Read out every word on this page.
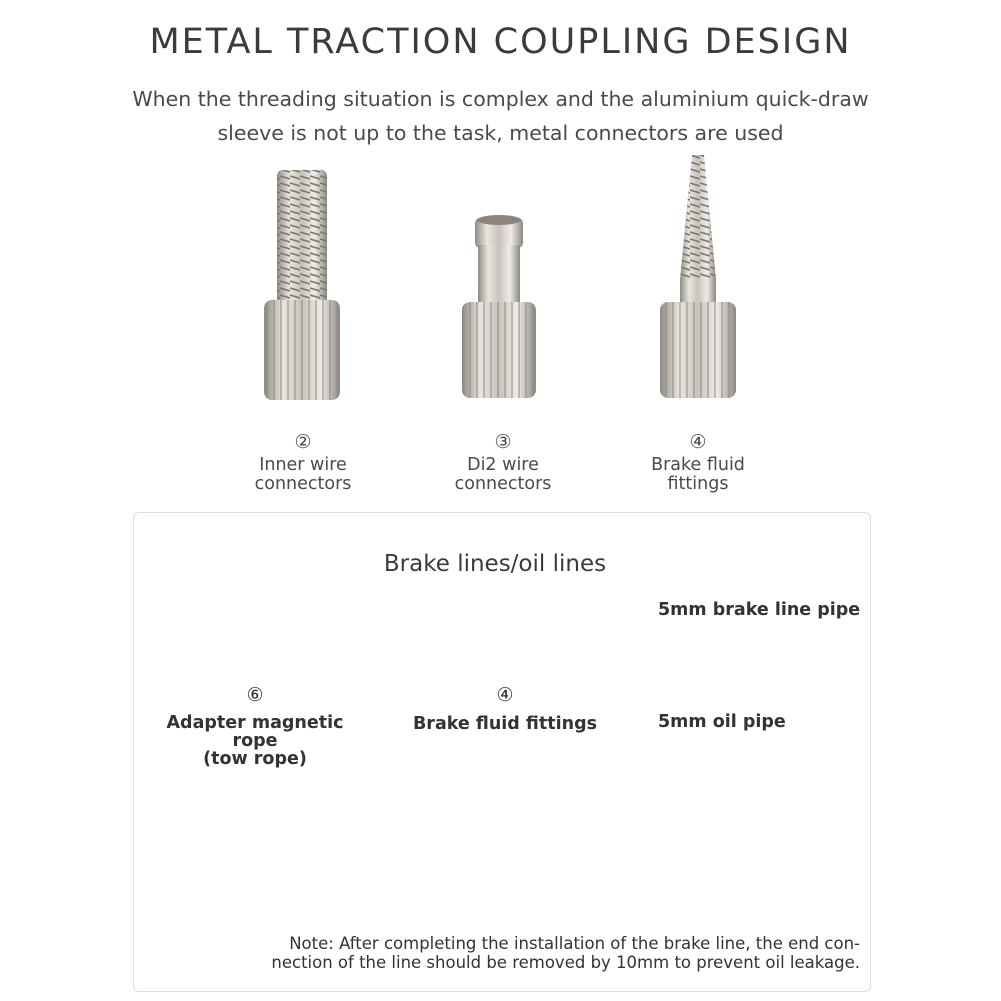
METAL TRACTION COUPLING DESIGN
When the threading situation is complex and the aluminium quick-draw
sleeve is not up to the task, metal connectors are used
②
Inner wire
connectors
③
Di2 wire
connectors
④
Brake fluid
fittings
Brake lines/oil lines
⑥
Adapter magnetic
rope
(tow rope)
④
Brake fluid fittings
5mm brake line pipe
5mm oil pipe
Note: After completing the installation of the brake line, the end con-
nection of the line should be removed by 10mm to prevent oil leakage.
